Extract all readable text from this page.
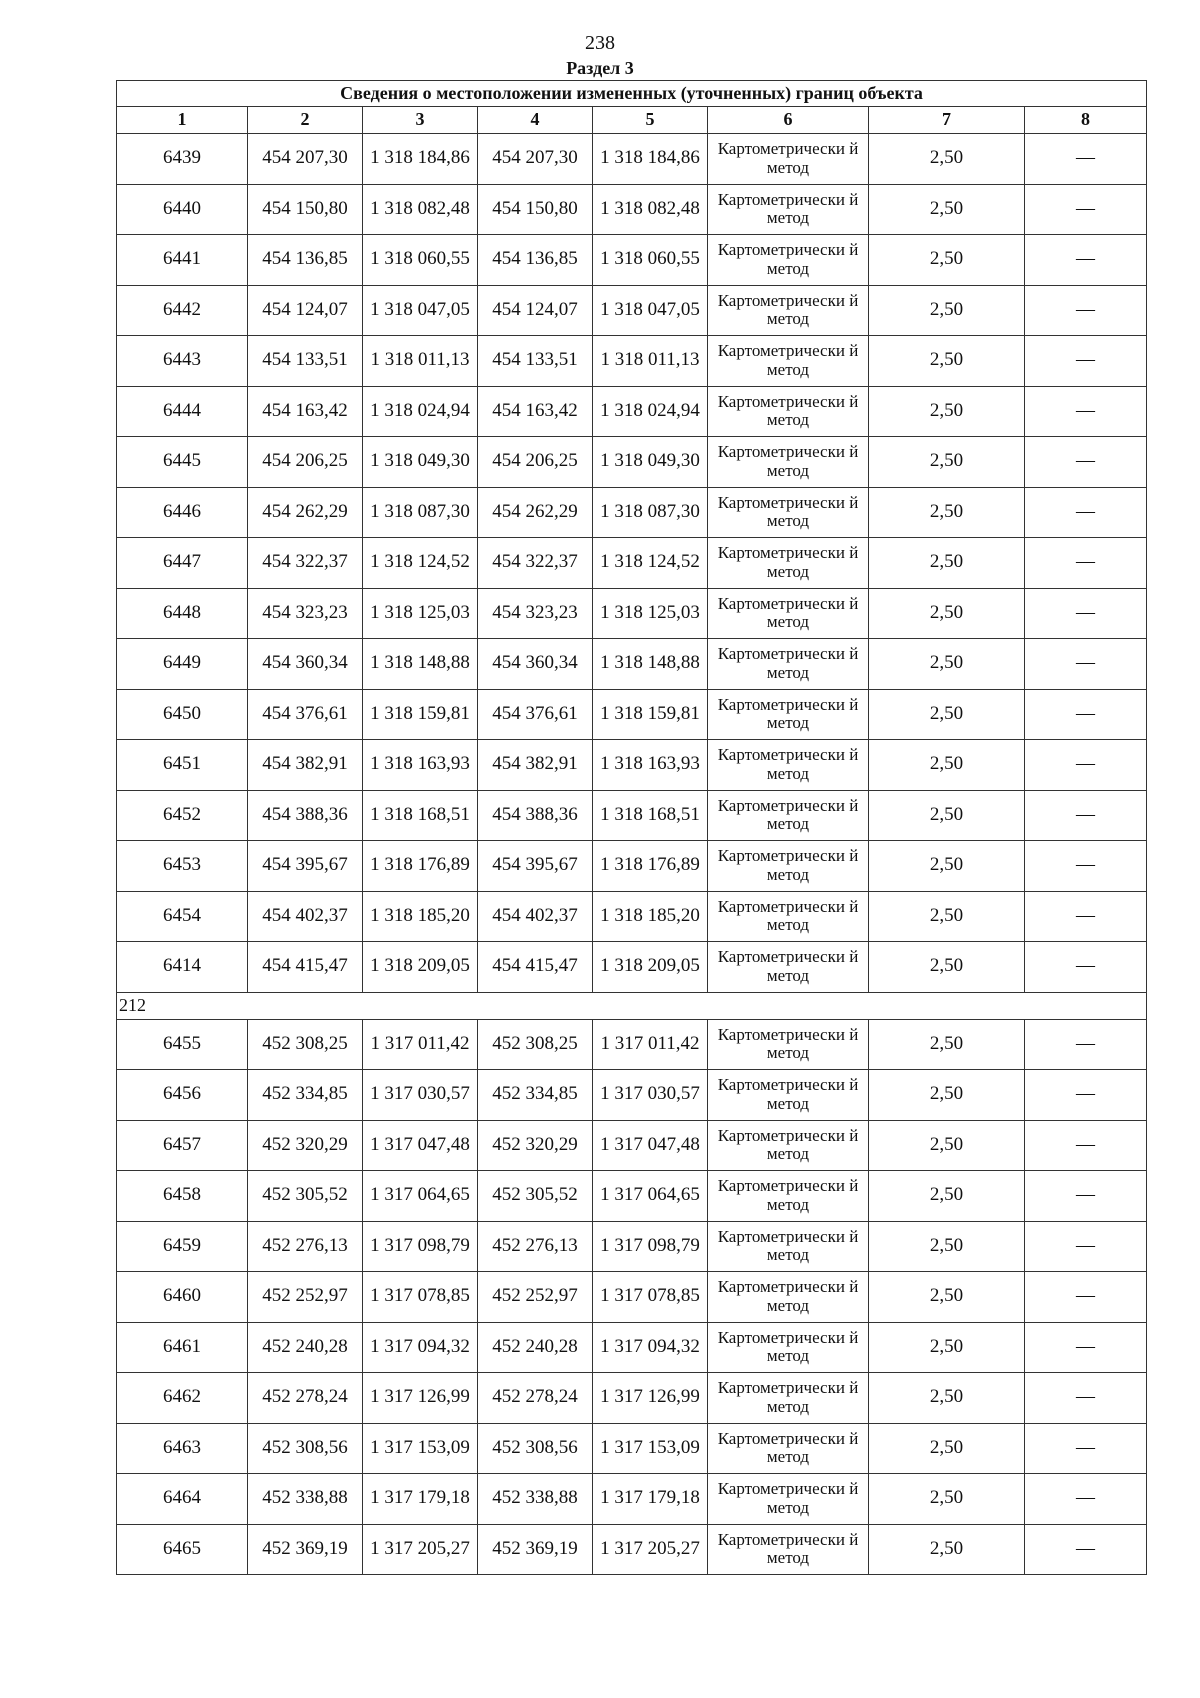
238
Раздел 3
Сведения о местоположении измененных (уточненных) границ объекта							
1	2	3	4	5	6	7	8
6439	454 207,30	1 318 184,86	454 207,30	1 318 184,86	Картометрически й метод	2,50	—
6440	454 150,80	1 318 082,48	454 150,80	1 318 082,48	Картометрически й метод	2,50	—
6441	454 136,85	1 318 060,55	454 136,85	1 318 060,55	Картометрически й метод	2,50	—
6442	454 124,07	1 318 047,05	454 124,07	1 318 047,05	Картометрически й метод	2,50	—
6443	454 133,51	1 318 011,13	454 133,51	1 318 011,13	Картометрически й метод	2,50	—
6444	454 163,42	1 318 024,94	454 163,42	1 318 024,94	Картометрически й метод	2,50	—
6445	454 206,25	1 318 049,30	454 206,25	1 318 049,30	Картометрически й метод	2,50	—
6446	454 262,29	1 318 087,30	454 262,29	1 318 087,30	Картометрически й метод	2,50	—
6447	454 322,37	1 318 124,52	454 322,37	1 318 124,52	Картометрически й метод	2,50	—
6448	454 323,23	1 318 125,03	454 323,23	1 318 125,03	Картометрически й метод	2,50	—
6449	454 360,34	1 318 148,88	454 360,34	1 318 148,88	Картометрически й метод	2,50	—
6450	454 376,61	1 318 159,81	454 376,61	1 318 159,81	Картометрически й метод	2,50	—
6451	454 382,91	1 318 163,93	454 382,91	1 318 163,93	Картометрически й метод	2,50	—
6452	454 388,36	1 318 168,51	454 388,36	1 318 168,51	Картометрически й метод	2,50	—
6453	454 395,67	1 318 176,89	454 395,67	1 318 176,89	Картометрически й метод	2,50	—
6454	454 402,37	1 318 185,20	454 402,37	1 318 185,20	Картометрически й метод	2,50	—
6414	454 415,47	1 318 209,05	454 415,47	1 318 209,05	Картометрически й метод	2,50	—
212							
6455	452 308,25	1 317 011,42	452 308,25	1 317 011,42	Картометрически й метод	2,50	—
6456	452 334,85	1 317 030,57	452 334,85	1 317 030,57	Картометрически й метод	2,50	—
6457	452 320,29	1 317 047,48	452 320,29	1 317 047,48	Картометрически й метод	2,50	—
6458	452 305,52	1 317 064,65	452 305,52	1 317 064,65	Картометрически й метод	2,50	—
6459	452 276,13	1 317 098,79	452 276,13	1 317 098,79	Картометрически й метод	2,50	—
6460	452 252,97	1 317 078,85	452 252,97	1 317 078,85	Картометрически й метод	2,50	—
6461	452 240,28	1 317 094,32	452 240,28	1 317 094,32	Картометрически й метод	2,50	—
6462	452 278,24	1 317 126,99	452 278,24	1 317 126,99	Картометрически й метод	2,50	—
6463	452 308,56	1 317 153,09	452 308,56	1 317 153,09	Картометрически й метод	2,50	—
6464	452 338,88	1 317 179,18	452 338,88	1 317 179,18	Картометрически й метод	2,50	—
6465	452 369,19	1 317 205,27	452 369,19	1 317 205,27	Картометрически й метод	2,50	—
